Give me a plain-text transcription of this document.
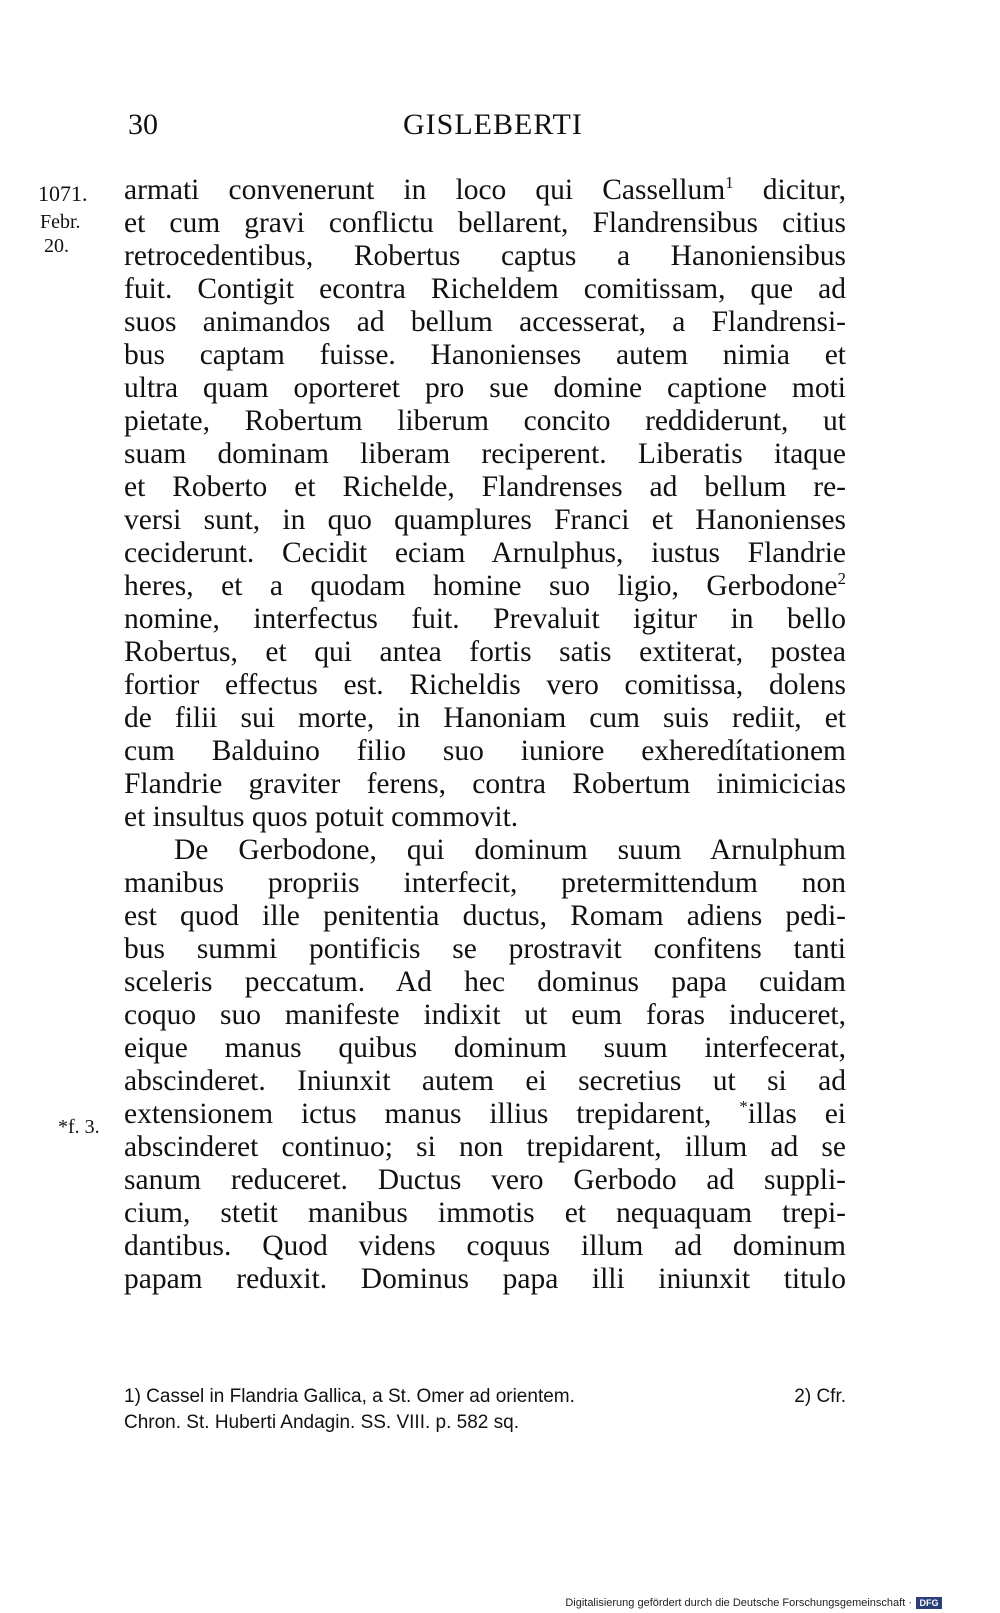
30	GISLEBERTI
1071.
Febr.
20.
*f. 3.
armati convenerunt in loco qui Cassellum$^1$ dicitur,
et cum gravi conflictu bellarent, Flandrensibus citius
retrocedentibus, Robertus captus a Hanoniensibus
fuit. Contigit econtra Richeldem comitissam, que ad
suos animandos ad bellum accesserat, a Flandrensi-
bus captam fuisse. Hanonienses autem nimia et
ultra quam oporteret pro sue domine captione moti
pietate, Robertum liberum concito reddiderunt, ut
suam dominam liberam reciperent. Liberatis itaque
et Roberto et Richelde, Flandrenses ad bellum re-
versi sunt, in quo quamplures Franci et Hanonienses
ceciderunt. Cecidit eciam Arnulphus, iustus Flandrie
heres, et a quodam homine suo ligio, Gerbodone$^2$
nomine, interfectus fuit. Prevaluit igitur in bello
Robertus, et qui antea fortis satis extiterat, postea
fortior effectus est. Richeldis vero comitissa, dolens
de filii sui morte, in Hanoniam cum suis rediit, et
cum Balduino filio suo iuniore exheredítationem
Flandrie graviter ferens, contra Robertum inimicicias
et insultus quos potuit commovit.
De Gerbodone, qui dominum suum Arnulphum
manibus propriis interfecit, pretermittendum non
est quod ille penitentia ductus, Romam adiens pedi-
bus summi pontificis se prostravit confitens tanti
sceleris peccatum. Ad hec dominus papa cuidam
coquo suo manifeste indixit ut eum foras induceret,
eique manus quibus dominum suum interfecerat,
abscinderet. Iniunxit autem ei secretius ut si ad
extensionem ictus manus illius trepidarent, *illas ei
abscinderet continuo; si non trepidarent, illum ad se
sanum reduceret. Ductus vero Gerbodo ad suppli-
cium, stetit manibus immotis et nequaquam trepi-
dantibus. Quod videns coquus illum ad dominum
papam reduxit. Dominus papa illi iniunxit titulo
1) Cassel in Flandria Gallica, a St. Omer ad orientem.	2) Cfr.
Chron. St. Huberti Andagin. SS. VIII. p. 582 sq.
Digitalisierung gefördert durch die Deutsche Forschungsgemeinschaft · DFG
